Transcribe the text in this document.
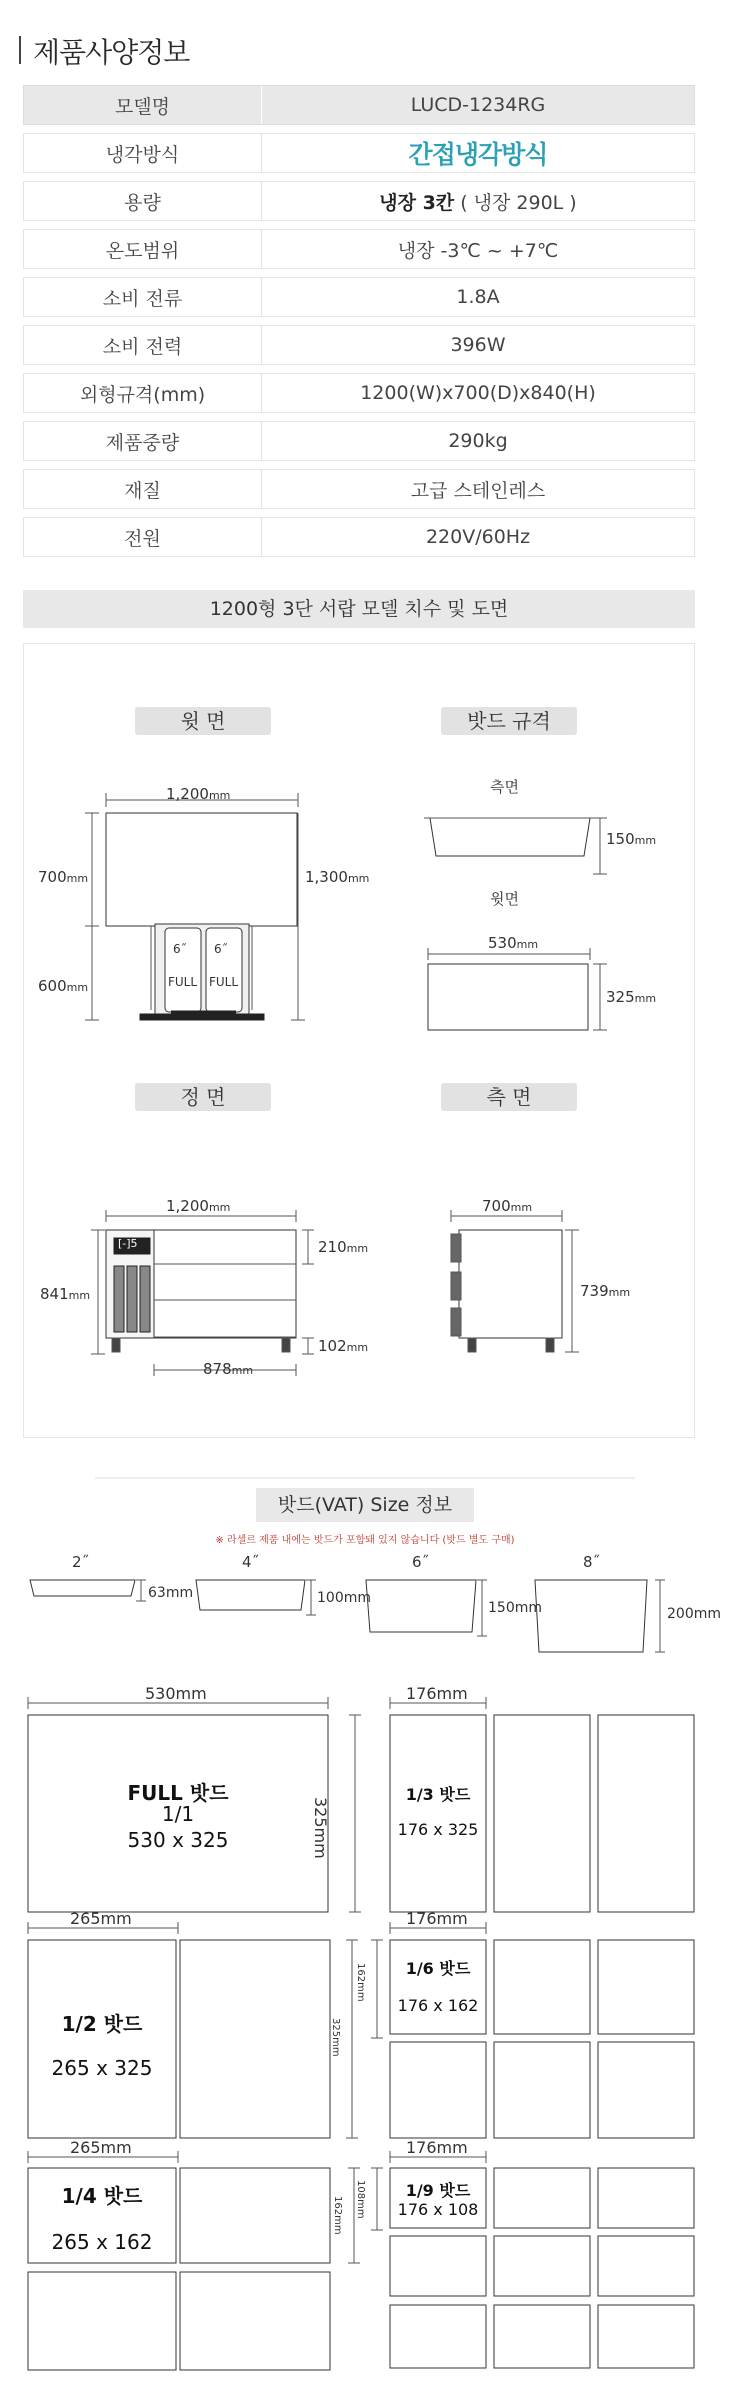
제품사양정보
모델명	LUCD-1234RG
냉각방식	간접냉각방식
용량	냉장 3칸
( 냉장 290L )
온도범위	냉장 -3℃ ~ +7℃
소비 전류	1.8A
소비 전력	396W
외형규격(mm)	1200(W)x700(D)x840(H)
제품중량	290kg
재질	고급 스테인레스
전원	220V/60Hz
1200형 3단 서랍 모델 치수 및 도면
윗 면	밧드 규격
정 면	측 면
1,200mm
700mm
600mm
1,300mm
6˝ 6˝
FULL FULL
측면
150mm
윗면
530mm
325mm
1,200mm
841mm
210mm
102mm
878mm
[-]5
700mm
739mm
밧드(VAT) Size 정보
※ 라셀르 제품 내에는 밧드가 포함돼 있지 않습니다 (밧드 별도 구매)
2˝
63mm
4˝
100mm
6˝
150mm
8˝
200mm
530mm	176mm
325mm
FULL 밧드
1/1
530 x 325
1/3 밧드
176 x 325
265mm	176mm
325mm
162mm
1/2 밧드
265 x 325
1/6 밧드
176 x 162
265mm	176mm
162mm 108mm
1/4 밧드
265 x 162
1/9 밧드
176 x 108
